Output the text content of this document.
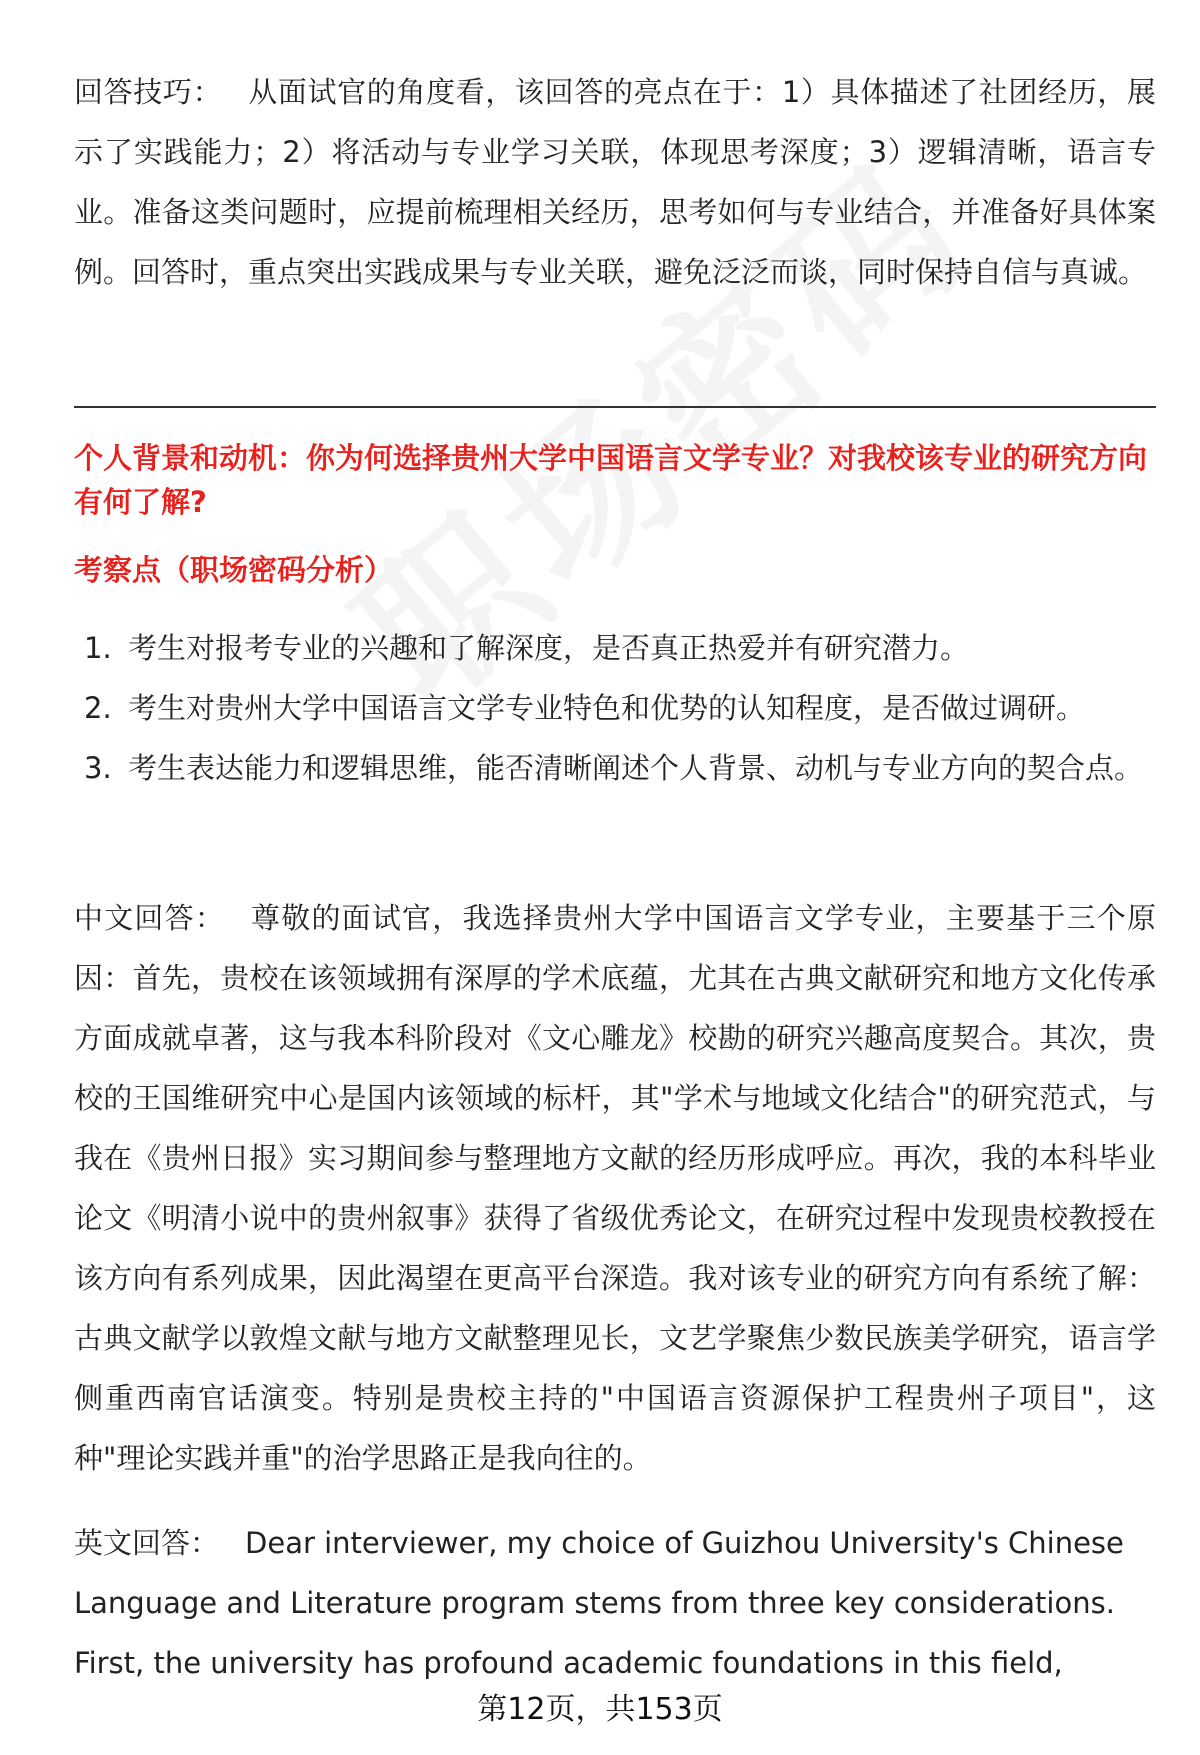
回答技巧： 从面试官的角度看，该回答的亮点在于：1）具体描述了社团经历，展示了实践能力；2）将活动与专业学习关联，体现思考深度；3）逻辑清晰，语言专业。准备这类问题时，应提前梳理相关经历，思考如何与专业结合，并准备好具体案例。回答时，重点突出实践成果与专业关联，避免泛泛而谈，同时保持自信与真诚。

个人背景和动机：你为何选择贵州大学中国语言文学专业？对我校该专业的研究方向有何了解?

考察点（职场密码分析）

1. 考生对报考专业的兴趣和了解深度，是否真正热爱并有研究潜力。
2. 考生对贵州大学中国语言文学专业特色和优势的认知程度，是否做过调研。
3. 考生表达能力和逻辑思维，能否清晰阐述个人背景、动机与专业方向的契合点。

中文回答： 尊敬的面试官，我选择贵州大学中国语言文学专业，主要基于三个原因：首先，贵校在该领域拥有深厚的学术底蕴，尤其在古典文献研究和地方文化传承方面成就卓著，这与我本科阶段对《文心雕龙》校勘的研究兴趣高度契合。其次，贵校的王国维研究中心是国内该领域的标杆，其"学术与地域文化结合"的研究范式，与我在《贵州日报》实习期间参与整理地方文献的经历形成呼应。再次，我的本科毕业论文《明清小说中的贵州叙事》获得了省级优秀论文，在研究过程中发现贵校教授在该方向有系列成果，因此渴望在更高平台深造。我对该专业的研究方向有系统了解：古典文献学以敦煌文献与地方文献整理见长，文艺学聚焦少数民族美学研究，语言学侧重西南官话演变。特别是贵校主持的"中国语言资源保护工程贵州子项目"，这种"理论实践并重"的治学思路正是我向往的。

英文回答： Dear interviewer, my choice of Guizhou University's Chinese Language and Literature program stems from three key considerations. First, the university has profound academic foundations in this field,

第12页，共153页
